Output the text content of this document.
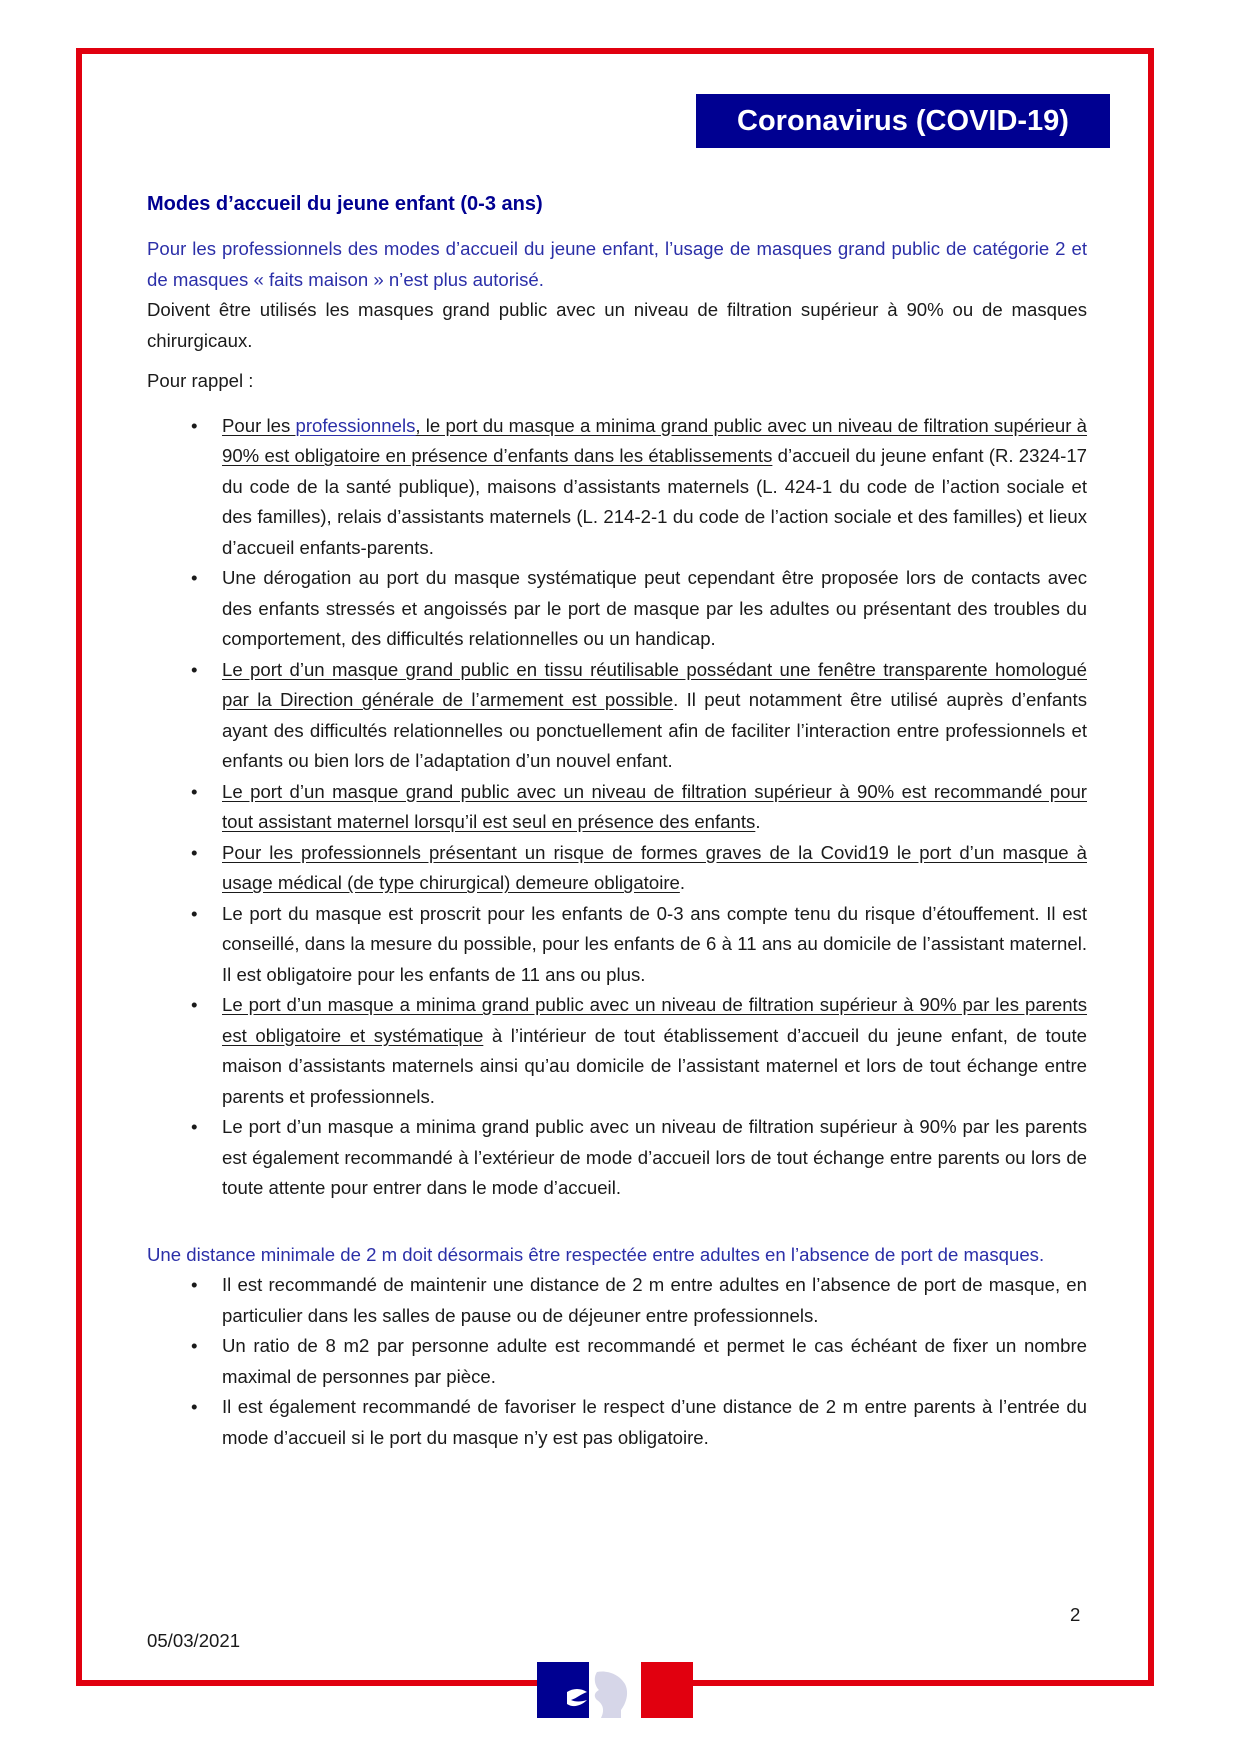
Coronavirus (COVID-19)
Modes d’accueil du jeune enfant (0-3 ans)

Pour les professionnels des modes d’accueil du jeune enfant, l’usage de masques grand public de catégorie 2 et de masques « faits maison » n’est plus autorisé.

Doivent être utilisés les masques grand public avec un niveau de filtration supérieur à 90% ou de masques chirurgicaux.

Pour rappel :

• Pour les professionnels, le port du masque a minima grand public avec un niveau de filtration supérieur à 90% est obligatoire en présence d’enfants dans les établissements d’accueil du jeune enfant (R. 2324-17 du code de la santé publique), maisons d’assistants maternels (L. 424-1 du code de l’action sociale et des familles), relais d’assistants maternels (L. 214-2-1 du code de l’action sociale et des familles) et lieux d’accueil enfants-parents.
• Une dérogation au port du masque systématique peut cependant être proposée lors de contacts avec des enfants stressés et angoissés par le port de masque par les adultes ou présentant des troubles du comportement, des difficultés relationnelles ou un handicap.
• Le port d’un masque grand public en tissu réutilisable possédant une fenêtre transparente homologué par la Direction générale de l’armement est possible. Il peut notamment être utilisé auprès d’enfants ayant des difficultés relationnelles ou ponctuellement afin de faciliter l’interaction entre professionnels et enfants ou bien lors de l’adaptation d’un nouvel enfant.
• Le port d’un masque grand public avec un niveau de filtration supérieur à 90% est recommandé pour tout assistant maternel lorsqu’il est seul en présence des enfants.
• Pour les professionnels présentant un risque de formes graves de la Covid19 le port d’un masque à usage médical (de type chirurgical) demeure obligatoire.
• Le port du masque est proscrit pour les enfants de 0-3 ans compte tenu du risque d’étouffement. Il est conseillé, dans la mesure du possible, pour les enfants de 6 à 11 ans au domicile de l’assistant maternel. Il est obligatoire pour les enfants de 11 ans ou plus.
• Le port d’un masque a minima grand public avec un niveau de filtration supérieur à 90% par les parents est obligatoire et systématique à l’intérieur de tout établissement d’accueil du jeune enfant, de toute maison d’assistants maternels ainsi qu’au domicile de l’assistant maternel et lors de tout échange entre parents et professionnels.
• Le port d’un masque a minima grand public avec un niveau de filtration supérieur à 90% par les parents est également recommandé à l’extérieur de mode d’accueil lors de tout échange entre parents ou lors de toute attente pour entrer dans le mode d’accueil.

Une distance minimale de 2 m doit désormais être respectée entre adultes en l’absence de port de masques.

• Il est recommandé de maintenir une distance de 2 m entre adultes en l’absence de port de masque, en particulier dans les salles de pause ou de déjeuner entre professionnels.
• Un ratio de 8 m2 par personne adulte est recommandé et permet le cas échéant de fixer un nombre maximal de personnes par pièce.
• Il est également recommandé de favoriser le respect d’une distance de 2 m entre parents à l’entrée du mode d’accueil si le port du masque n’y est pas obligatoire.
2
05/03/2021
